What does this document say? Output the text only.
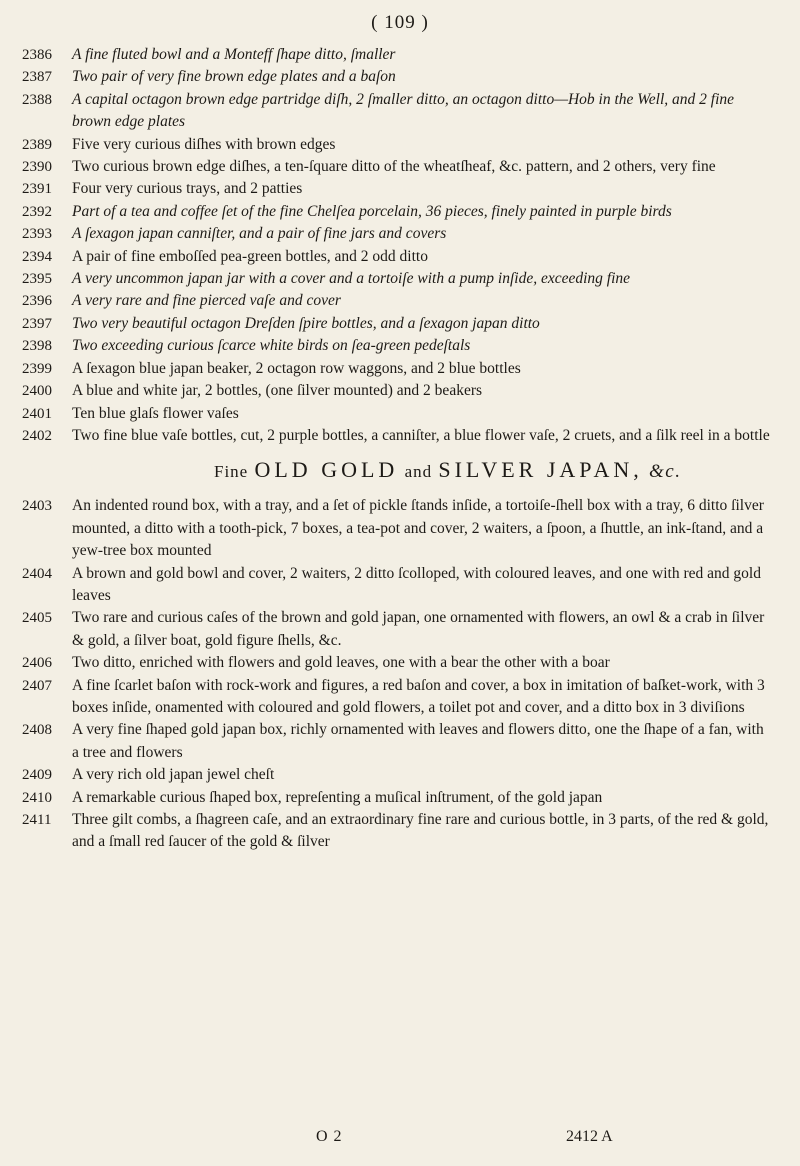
( 109 )
2386	A fine fluted bowl and a Monteff ſhape ditto, ſmaller
2387	Two pair of very fine brown edge plates and a baſon
2388	A capital octagon brown edge partridge diſh, 2 ſmaller ditto, an octagon ditto—Hob in the Well, and 2 fine brown edge plates
2389	Five very curious diſhes with brown edges
2390	Two curious brown edge diſhes, a ten-ſquare ditto of the wheatſheaf, &c. pattern, and 2 others, very fine
2391	Four very curious trays, and 2 patties
2392	Part of a tea and coffee ſet of the fine Chelſea porcelain, 36 pieces, finely painted in purple birds
2393	A ſexagon japan canniſter, and a pair of fine jars and covers
2394	A pair of fine emboſſed pea-green bottles, and 2 odd ditto
2395	A very uncommon japan jar with a cover and a tortoiſe with a pump inſide, exceeding fine
2396	A very rare and fine pierced vaſe and cover
2397	Two very beautiful octagon Dreſden ſpire bottles, and a ſexagon japan ditto
2398	Two exceeding curious ſcarce white birds on ſea-green pedeſtals
2399	A ſexagon blue japan beaker, 2 octagon row waggons, and 2 blue bottles
2400	A blue and white jar, 2 bottles, (one ſilver mounted) and 2 beakers
2401	Ten blue glaſs flower vaſes
2402	Two fine blue vaſe bottles, cut, 2 purple bottles, a canniſter, a blue flower vaſe, 2 cruets, and a ſilk reel in a bottle
Fine OLD GOLD and SILVER JAPAN, &c.
2403	An indented round box, with a tray, and a ſet of pickle ſtands inſide, a tortoiſe-ſhell box with a tray, 6 ditto ſilver mounted, a ditto with a tooth-pick, 7 boxes, a tea-pot and cover, 2 waiters, a ſpoon, a ſhuttle, an ink-ſtand, and a yew-tree box mounted
2404	A brown and gold bowl and cover, 2 waiters, 2 ditto ſcolloped, with coloured leaves, and one with red and gold leaves
2405	Two rare and curious caſes of the brown and gold japan, one ornamented with flowers, an owl & a crab in ſilver & gold, a ſilver boat, gold figure ſhells, &c.
2406	Two ditto, enriched with flowers and gold leaves, one with a bear the other with a boar
2407	A fine ſcarlet baſon with rock-work and figures, a red baſon and cover, a box in imitation of baſket-work, with 3 boxes inſide, onamented with coloured and gold flowers, a toilet pot and cover, and a ditto box in 3 diviſions
2408	A very fine ſhaped gold japan box, richly ornamented with leaves and flowers ditto, one the ſhape of a fan, with a tree and flowers
2409	A very rich old japan jewel cheſt
2410	A remarkable curious ſhaped box, repreſenting a muſical inſtrument, of the gold japan
2411	Three gilt combs, a ſhagreen caſe, and an extraordinary fine rare and curious bottle, in 3 parts, of the red & gold, and a ſmall red ſaucer of the gold & ſilver
O 2	2412 A
